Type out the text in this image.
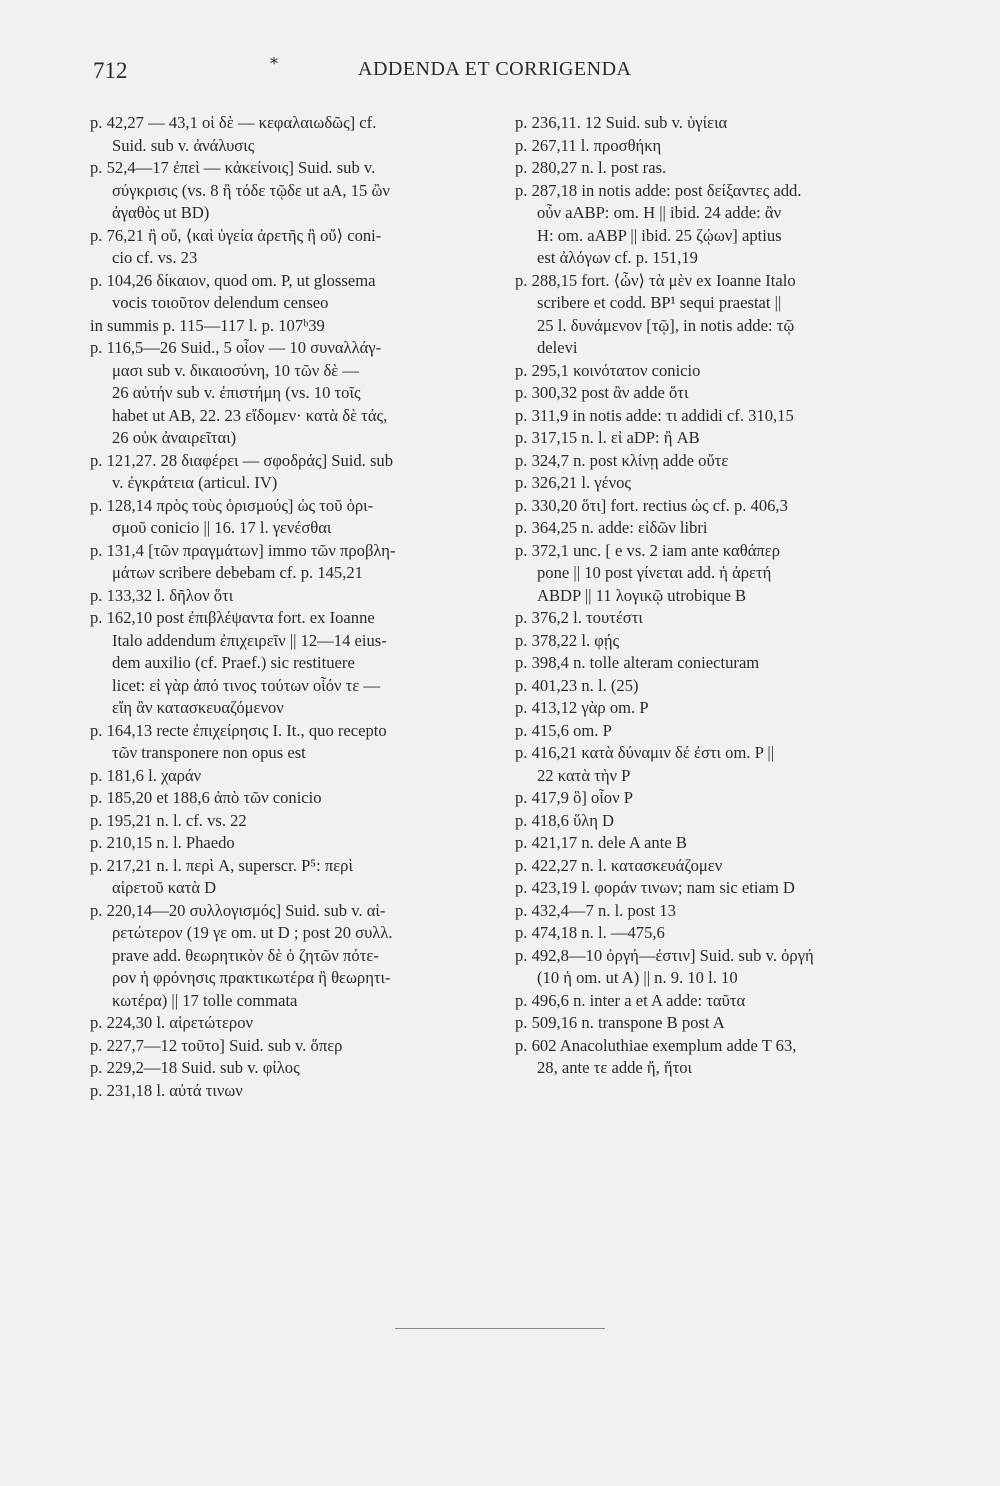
712	*	ADDENDA ET CORRIGENDA
p. 42,27 — 43,1 οἱ δὲ — κεφαλαιωδῶς] cf.
Suid. sub v. ἀνάλυσις
p. 52,4—17 ἐπεὶ — κἀκείνοις] Suid. sub v.
σύγκρισις (vs. 8 ἢ τόδε τῷδε ut aA, 15 ὢν
ἀγαθὸς ut BD)
p. 76,21 ἢ οὔ, ⟨καὶ ὑγεία ἀρετῆς ἢ οὔ⟩ coni-
cio cf. vs. 23
p. 104,26 δίκαιον, quod om. P, ut glossema
vocis τοιοῦτον delendum censeo
in summis p. 115—117 l. p. 107ᵇ39
p. 116,5—26 Suid., 5 οἷον — 10 συναλλάγ-
μασι sub v. δικαιοσύνη, 10 τῶν δὲ —
26 αὐτήν sub v. ἐπιστήμη (vs. 10 τοῖς
habet ut AB, 22. 23 εἴδομεν· κατὰ δὲ τάς,
26 οὐκ ἀναιρεῖται)
p. 121,27. 28 διαφέρει — σφοδράς] Suid. sub
v. ἐγκράτεια (articul. IV)
p. 128,14 πρὸς τοὺς ὁρισμούς] ὡς τοῦ ὁρι-
σμοῦ conicio || 16. 17 l. γενέσθαι
p. 131,4 [τῶν πραγμάτων] immo τῶν προβλη-
μάτων scribere debebam cf. p. 145,21
p. 133,32 l. δῆλον ὅτι
p. 162,10 post ἐπιβλέψαντα fort. ex Ioanne
Italo addendum ἐπιχειρεῖν || 12—14 eius-
dem auxilio (cf. Praef.) sic restituere
licet: εἰ γὰρ ἀπό τινος τούτων οἷόν τε —
εἴη ἂν κατασκευαζόμενον
p. 164,13 recte ἐπιχείρησις I. It., quo recepto
τῶν transponere non opus est
p. 181,6 l. χαράν
p. 185,20 et 188,6 ἀπὸ τῶν conicio
p. 195,21 n. l. cf. vs. 22
p. 210,15 n. l. Phaedo
p. 217,21 n. l. περὶ A, superscr. P⁵: περὶ
αἱρετοῦ κατὰ D
p. 220,14—20 συλλογισμός] Suid. sub v. αἱ-
ρετώτερον (19 γε om. ut D ; post 20 συλλ.
prave add. θεωρητικὸν δὲ ὁ ζητῶν πότε-
ρον ἡ φρόνησις πρακτικωτέρα ἢ θεωρητι-
κωτέρα) || 17 tolle commata
p. 224,30 l. αἱρετώτερον
p. 227,7—12 τοῦτο] Suid. sub v. ὅπερ
p. 229,2—18 Suid. sub v. φίλος
p. 231,18 l. αὐτά τινων
p. 236,11. 12 Suid. sub v. ὑγίεια
p. 267,11 l. προσθήκη
p. 280,27 n. l. post ras.
p. 287,18 in notis adde: post δείξαντες add.
οὖν aABP: om. H || ibid. 24 adde: ἂν
H: om. aABP || ibid. 25 ζῴων] aptius
est ἀλόγων cf. p. 151,19
p. 288,15 fort. ⟨ὧν⟩ τὰ μὲν ex Ioanne Italo
scribere et codd. BP¹ sequi praestat ||
25 l. δυνάμενον [τῷ], in notis adde: τῷ
delevi
p. 295,1 κοινότατον conicio
p. 300,32 post ἂν adde ὅτι
p. 311,9 in notis adde: τι addidi cf. 310,15
p. 317,15 n. l. εἰ aDP: ἢ AB
p. 324,7 n. post κλίνῃ adde οὔτε
p. 326,21 l. γένος
p. 330,20 ὅτι] fort. rectius ὡς cf. p. 406,3
p. 364,25 n. adde: εἰδῶν libri
p. 372,1 unc. [ e vs. 2 iam ante καθάπερ
pone || 10 post γίνεται add. ἡ ἀρετή
ABDP || 11 λογικῷ utrobique B
p. 376,2 l. τουτέστι
p. 378,22 l. φῄς
p. 398,4 n. tolle alteram coniecturam
p. 401,23 n. l. (25)
p. 413,12 γὰρ om. P
p. 415,6 om. P
p. 416,21 κατὰ δύναμιν δέ ἐστι om. P ||
22 κατὰ τὴν P
p. 417,9 ὃ] οἷον P
p. 418,6 ὕλη D
p. 421,17 n. dele A ante B
p. 422,27 n. l. κατασκευάζομεν
p. 423,19 l. φοράν τινων; nam sic etiam D
p. 432,4—7 n. l. post 13
p. 474,18 n. l. —475,6
p. 492,8—10 ὀργή—ἐστιν] Suid. sub v. ὀργή
(10 ἡ om. ut A) || n. 9. 10 l. 10
p. 496,6 n. inter a et A adde: ταῦτα
p. 509,16 n. transpone B post A
p. 602 Anacoluthiae exemplum adde T 63,
28, ante τε adde ἤ, ἤτοι
